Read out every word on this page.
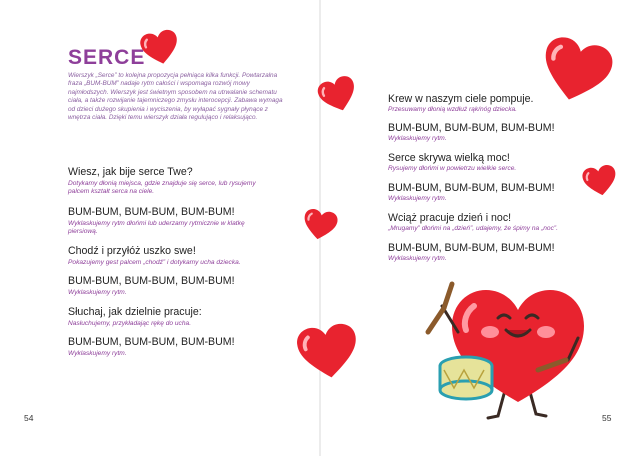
SERCE

Wierszyk „Serce” to kolejna propozycja pełniąca kilka funkcji. Powtarzalna fraza „BUM-BUM” nadaje rytm całości i wspomaga rozwój mowy najmłodszych. Wierszyk jest świetnym sposobem na utrwalanie schematu ciała, a także rozwijanie tajemniczego zmysłu interocepcji. Zabawa wymaga od dzieci dużego skupienia i wyciszenia, by wyłapać sygnały płynące z wnętrza ciała. Dzięki temu wierszyk działa regulująco i relaksująco.

Wiesz, jak bije serce Twe?

Dotykamy dłonią miejsca, gdzie znajduje się serce, lub rysujemy palcem kształt serca na ciele.

BUM-BUM, BUM-BUM, BUM-BUM!

Wyklaskujemy rytm dłońmi lub uderzamy rytmicznie w klatkę piersiową.

Chodź i przyłóż uszko swe!

Pokazujemy gest palcem „chodź” i dotykamy ucha dziecka.

BUM-BUM, BUM-BUM, BUM-BUM!

Wyklaskujemy rytm.

Słuchaj, jak dzielnie pracuje:

Nasłuchujemy, przykładając rękę do ucha.

BUM-BUM, BUM-BUM, BUM-BUM!

Wyklaskujemy rytm.

54

Krew w naszym ciele pompuje.

Przesuwamy dłonią wzdłuż rąk/nóg dziecka.

BUM-BUM, BUM-BUM, BUM-BUM!

Wyklaskujemy rytm.

Serce skrywa wielką moc!

Rysujemy dłońmi w powietrzu wielkie serce.

BUM-BUM, BUM-BUM, BUM-BUM!

Wyklaskujemy rytm.

Wciąż pracuje dzień i noc!

„Mrugamy” dłońmi na „dzień”, udajemy, że śpimy na „noc”.

BUM-BUM, BUM-BUM, BUM-BUM!

Wyklaskujemy rytm.

55
